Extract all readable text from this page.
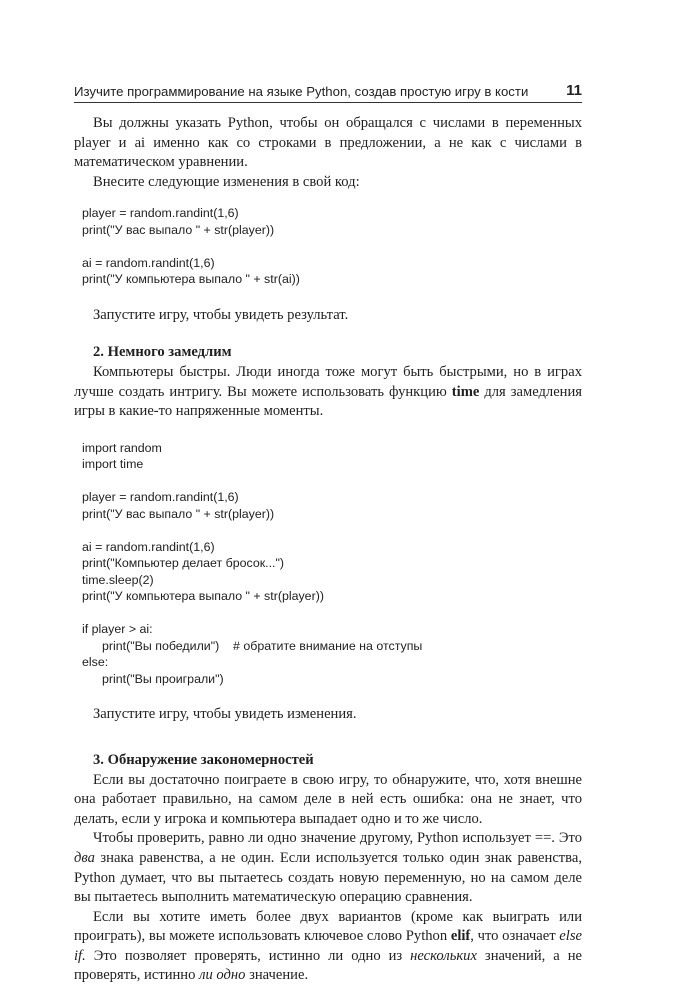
Изучите программирование на языке Python, создав простую игру в кости	11

Вы должны указать Python, чтобы он обращался с числами в переменных player и ai именно как со строками в предложении, а не как с числами в математическом уравнении.

Внесите следующие изменения в свой код:

player = random.randint(1,6)
print("У вас выпало " + str(player))
ai = random.randint(1,6)
print("У компьютера выпало " + str(ai))

Запустите игру, чтобы увидеть результат.

2. Немного замедлим

Компьютеры быстры. Люди иногда тоже могут быть быстрыми, но в играх лучше создать интригу. Вы можете использовать функцию time для замедления игры в какие-то напряженные моменты.

import random
import time
player = random.randint(1,6)
print("У вас выпало " + str(player))
ai = random.randint(1,6)
print("Компьютер делает бросок...")
time.sleep(2)
print("У компьютера выпало " + str(player))
if player > ai:
print("Вы победили")    # обратите внимание на отступы
else:
print("Вы проиграли")

Запустите игру, чтобы увидеть изменения.

3. Обнаружение закономерностей

Если вы достаточно поиграете в свою игру, то обнаружите, что, хотя внешне она работает правильно, на самом деле в ней есть ошибка: она не знает, что делать, если у игрока и компьютера выпадает одно и то же число.

Чтобы проверить, равно ли одно значение другому, Python использует ==. Это два знака равенства, а не один. Если используется только один знак равенства, Python думает, что вы пытаетесь создать новую переменную, но на самом деле вы пытаетесь выполнить математическую операцию сравнения.

Если вы хотите иметь более двух вариантов (кроме как выиграть или проиграть), вы можете использовать ключевое слово Python elif, что означает else if. Это позволяет проверять, истинно ли одно из нескольких значений, а не проверять, истинно ли одно значение.
